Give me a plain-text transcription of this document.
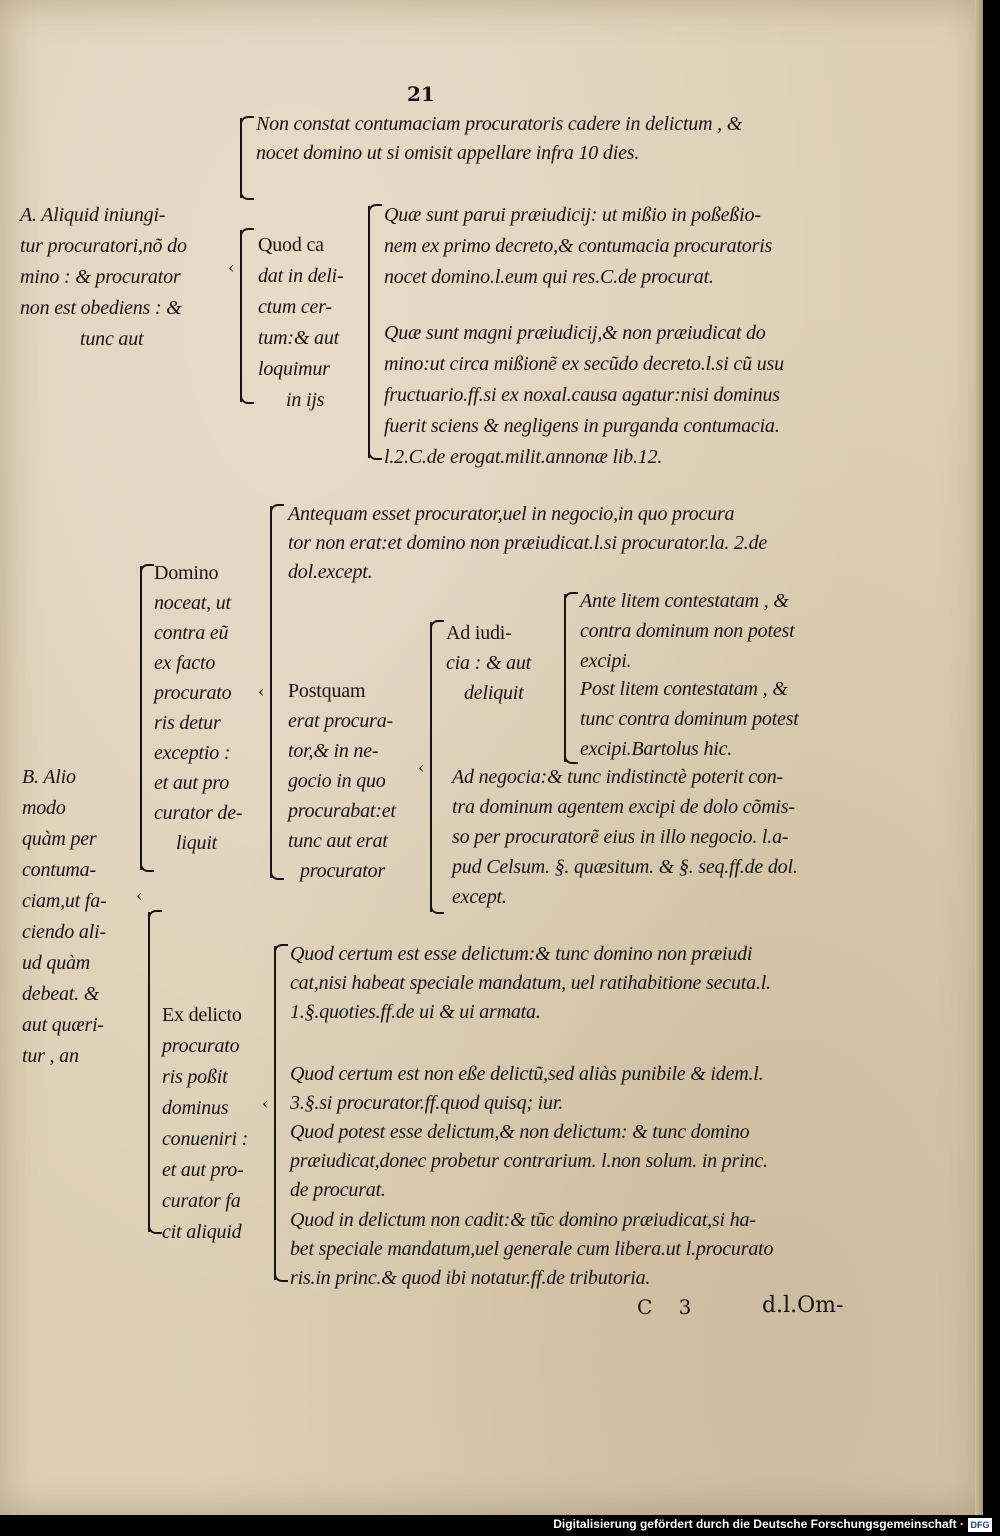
21
Non constat contumaciam procuratoris cadere in delictum , &
nocet domino ut si omisit appellare infra 10 dies.
A. Aliquid iniungi-
tur procuratori,nõ do
mino : & procurator
non est obediens : &
tunc aut
‹
Quod ca
dat in deli-
ctum cer-
tum:& aut
loquimur
in ijs
Quæ sunt parui præiudicij: ut mißio in poßeßio-
nem ex primo decreto,& contumacia procuratoris
nocet domino.l.eum qui res.C.de procurat.
Quæ sunt magni præiudicij,& non præiudicat do
mino:ut circa mißionẽ ex secũdo decreto.l.si cũ usu
fructuario.ff.si ex noxal.causa agatur:nisi dominus
fuerit sciens & negligens in purganda contumacia.
l.2.C.de erogat.milit.annonæ lib.12.
B. Alio
modo
quàm per
contuma-
ciam,ut fa-
ciendo ali-
ud quàm
debeat. &
aut quæri-
tur , an
‹
Domino
noceat, ut
contra eũ
ex facto
procurato
ris detur
exceptio :
et aut pro
curator de-
liquit
‹
Antequam esset procurator,uel in negocio,in quo procura
tor non erat:et domino non præiudicat.l.si procurator.la. 2.de
dol.except.
Postquam
erat procura-
tor,& in ne-
gocio in quo
procurabat:et
tunc aut erat
procurator
‹
Ad iudi-
cia : & aut
deliquit
Ante litem contestatam , &
contra dominum non potest
excipi.
Post litem contestatam , &
tunc contra dominum potest
excipi.Bartolus hic.
Ad negocia:& tunc indistinctè poterit con-
tra dominum agentem excipi de dolo cõmis-
so per procuratorẽ eius in illo negocio. l.a-
pud Celsum. §. quæsitum. & §. seq.ff.de dol.
except.
Ex delicto
procurato
ris poßit
dominus
conueniri :
et aut pro-
curator fa
cit aliquid
‹
Quod certum est esse delictum:& tunc domino non præiudi
cat,nisi habeat speciale mandatum, uel ratihabitione secuta.l.
1.§.quoties.ff.de ui & ui armata.
Quod certum est non eße delictũ,sed aliàs punibile & idem.l.
3.§.si procurator.ff.quod quisq; iur.
Quod potest esse delictum,& non delictum: & tunc domino
præiudicat,donec probetur contrarium. l.non solum. in princ.
de procurat.
Quod in delictum non cadit:& tũc domino præiudicat,si ha-
bet speciale mandatum,uel generale cum libera.ut l.procurato
ris.in princ.& quod ibi notatur.ff.de tributoria.
C 3	d.l.Om-
Digitalisierung gefördert durch die Deutsche Forschungsgemeinschaft · DFG
